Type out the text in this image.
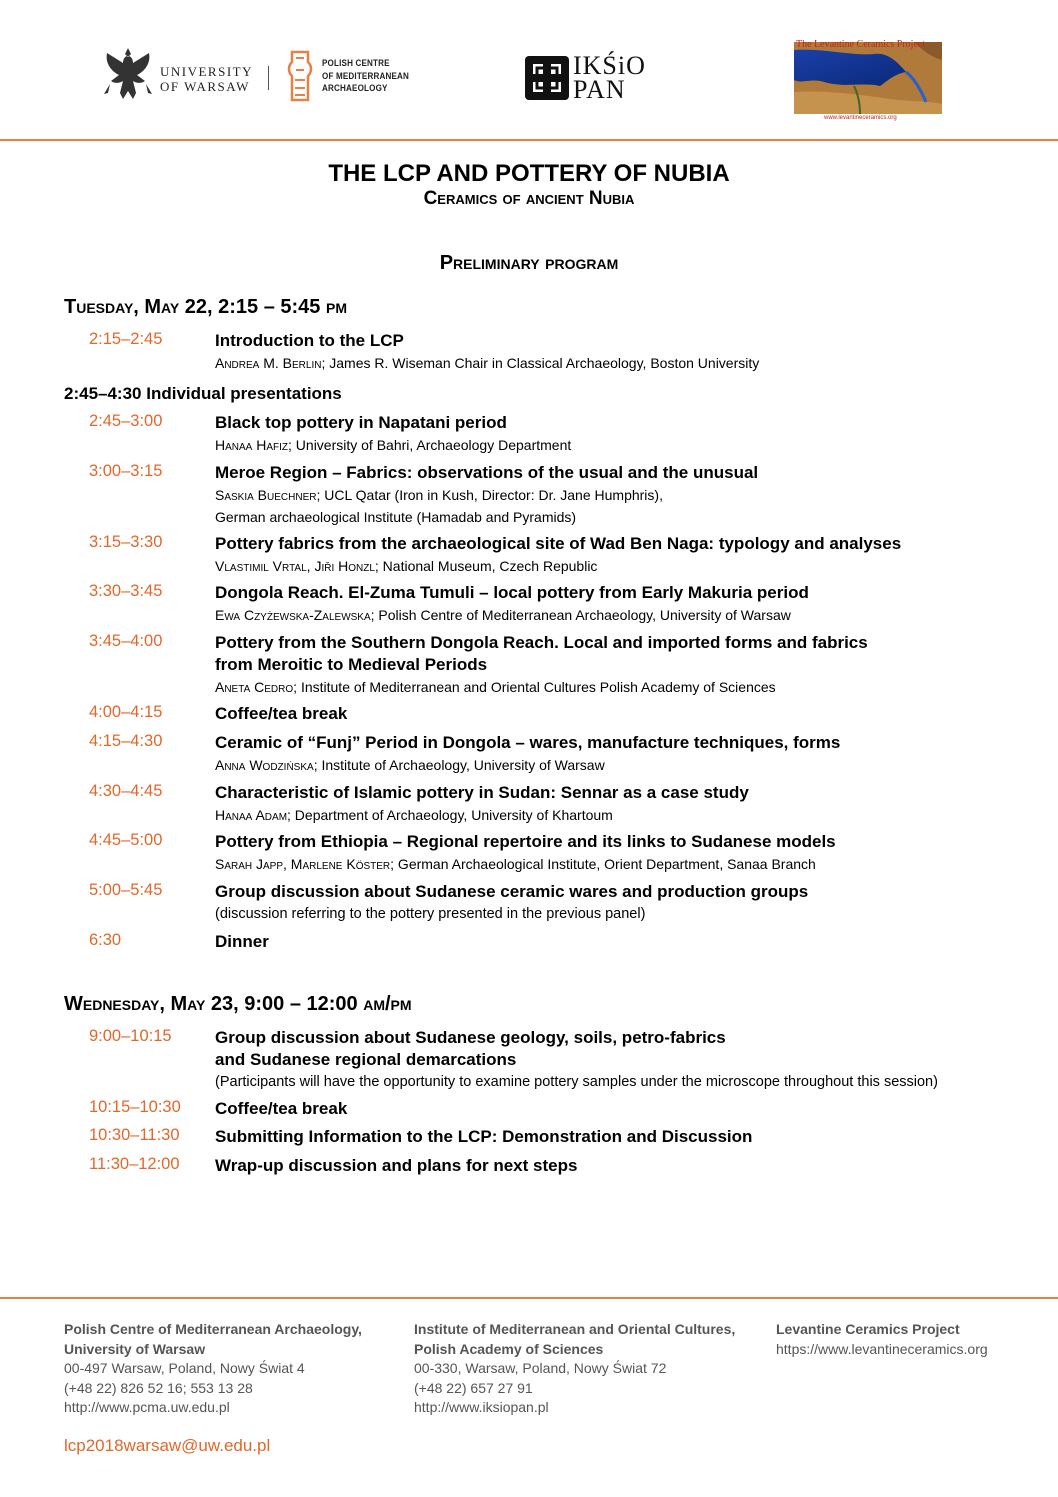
UNIVERSITY
OF WARSAW
POLISH CENTRE
OF MEDITERRANEAN
ARCHAEOLOGY
IKŚiO
PAN
The Levantine Ceramics Project
www.levantineceramics.org
THE LCP AND POTTERY OF NUBIA
Ceramics of ancient Nubia
Preliminary program
Tuesday, May 22, 2:15 – 5:45 pm
2:15–2:45	Introduction to the LCP
Andrea M. Berlin; James R. Wiseman Chair in Classical Archaeology, Boston University
2:45–4:30 Individual presentations
2:45–3:00	Black top pottery in Napatani period
Hanaa Hafiz; University of Bahri, Archaeology Department
3:00–3:15	Meroe Region – Fabrics: observations of the usual and the unusual
Saskia Buechner; UCL Qatar (Iron in Kush, Director: Dr. Jane Humphris),
German archaeological Institute (Hamadab and Pyramids)
3:15–3:30	Pottery fabrics from the archaeological site of Wad Ben Naga: typology and analyses
Vlastimil Vrtal, Jiři Honzl; National Museum, Czech Republic
3:30–3:45	Dongola Reach. El-Zuma Tumuli – local pottery from Early Makuria period
Ewa Czyżewska-Zalewska; Polish Centre of Mediterranean Archaeology, University of Warsaw
3:45–4:00	Pottery from the Southern Dongola Reach. Local and imported forms and fabrics
from Meroitic to Medieval Periods
Aneta Cedro; Institute of Mediterranean and Oriental Cultures Polish Academy of Sciences
4:00–4:15	Coffee/tea break
4:15–4:30	Ceramic of “Funj” Period in Dongola – wares, manufacture techniques, forms
Anna Wodzińska; Institute of Archaeology, University of Warsaw
4:30–4:45	Characteristic of Islamic pottery in Sudan: Sennar as a case study
Hanaa Adam; Department of Archaeology, University of Khartoum
4:45–5:00	Pottery from Ethiopia – Regional repertoire and its links to Sudanese models
Sarah Japp, Marlene Köster; German Archaeological Institute, Orient Department, Sanaa Branch
5:00–5:45	Group discussion about Sudanese ceramic wares and production groups
(discussion referring to the pottery presented in the previous panel)
6:30	Dinner
Wednesday, May 23, 9:00 – 12:00 am/pm
9:00–10:15	Group discussion about Sudanese geology, soils, petro-fabrics
and Sudanese regional demarcations
(Participants will have the opportunity to examine pottery samples under the microscope throughout this session)
10:15–10:30 Coffee/tea break
10:30–11:30 Submitting Information to the LCP: Demonstration and Discussion
11:30–12:00 Wrap-up discussion and plans for next steps
Polish Centre of Mediterranean Archaeology,
University of Warsaw
00-497 Warsaw, Poland, Nowy Świat 4
(+48 22) 826 52 16; 553 13 28
http://www.pcma.uw.edu.pl
Institute of Mediterranean and Oriental Cultures,
Polish Academy of Sciences
00-330, Warsaw, Poland, Nowy Świat 72
(+48 22) 657 27 91
http://www.iksiopan.pl
Levantine Ceramics Project
https://www.levantineceramics.org
lcp2018warsaw@uw.edu.pl
